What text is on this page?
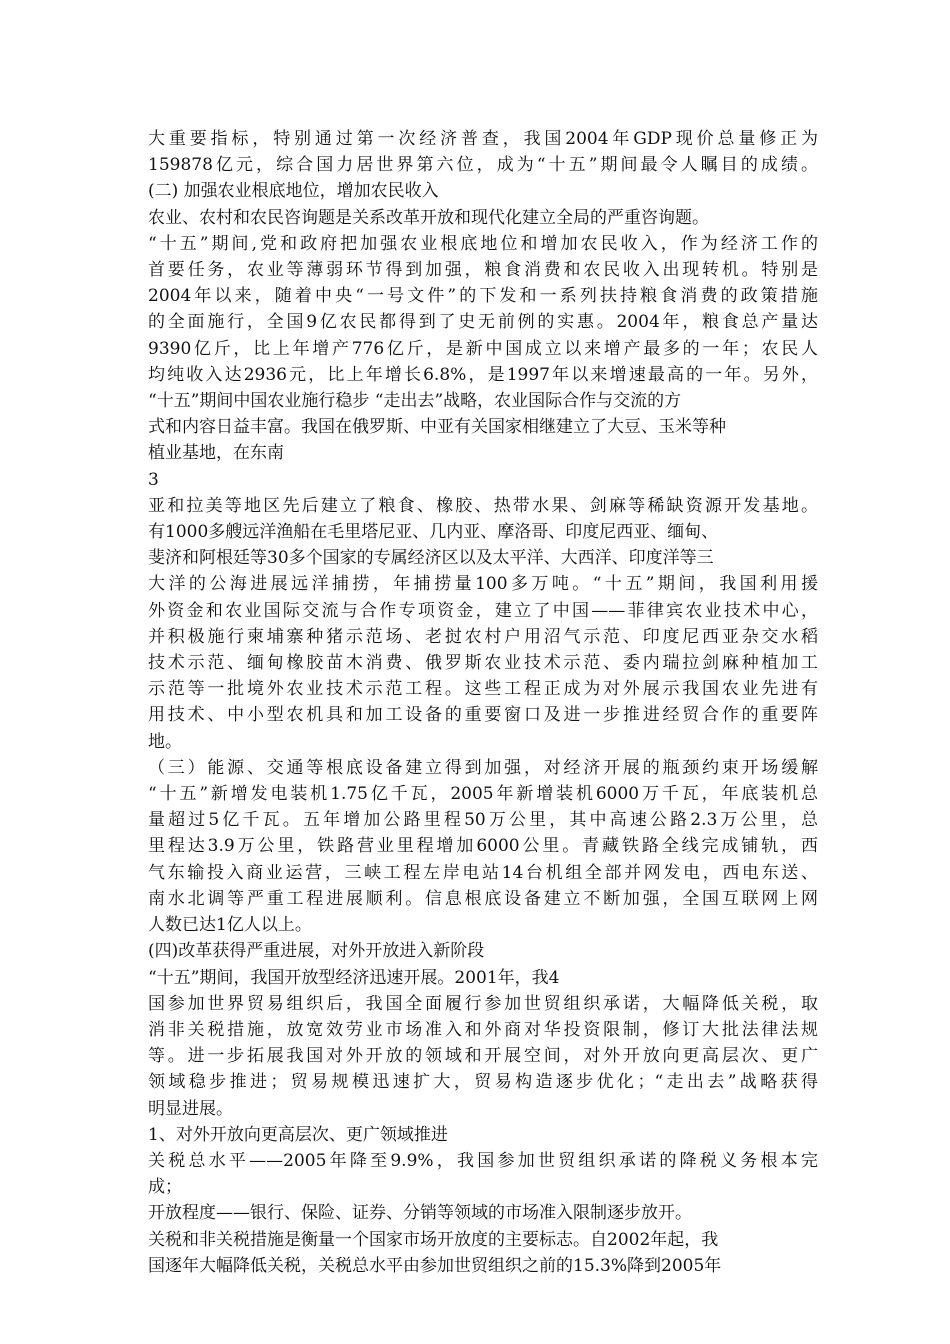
大重要指标，特别通过第一次经济普查，我国2004年GDP现价总量修正为

159878亿元，综合国力居世界第六位，成为“十五”期间最令人瞩目的成绩。

(二) 加强农业根底地位，增加农民收入

农业、农村和农民咨询题是关系改革开放和现代化建立全局的严重咨询题。

“十五”期间,党和政府把加强农业根底地位和增加农民收入，作为经济工作的

首要任务，农业等薄弱环节得到加强，粮食消费和农民收入出现转机。特别是

2004年以来，随着中央“一号文件”的下发和一系列扶持粮食消费的政策措施

的全面施行，全国9亿农民都得到了史无前例的实惠。2004年，粮食总产量达

9390亿斤，比上年增产776亿斤，是新中国成立以来增产最多的一年；农民人

均纯收入达2936元，比上年增长6.8%，是1997年以来增速最高的一年。另外，

“十五”期间中国农业施行稳步 “走出去”战略，农业国际合作与交流的方

式和内容日益丰富。我国在俄罗斯、中亚有关国家相继建立了大豆、玉米等种

植业基地，在东南

3

亚和拉美等地区先后建立了粮食、橡胶、热带水果、剑麻等稀缺资源开发基地。

有1000多艘远洋渔船在毛里塔尼亚、几内亚、摩洛哥、印度尼西亚、缅甸、

斐济和阿根廷等30多个国家的专属经济区以及太平洋、大西洋、印度洋等三

大洋的公海进展远洋捕捞，年捕捞量100多万吨。“十五”期间，我国利用援

外资金和农业国际交流与合作专项资金，建立了中国——菲律宾农业技术中心，

并积极施行柬埔寨种猪示范场、老挝农村户用沼气示范、印度尼西亚杂交水稻

技术示范、缅甸橡胶苗木消费、俄罗斯农业技术示范、委内瑞拉剑麻种植加工

示范等一批境外农业技术示范工程。这些工程正成为对外展示我国农业先进有

用技术、中小型农机具和加工设备的重要窗口及进一步推进经贸合作的重要阵

地。

（三）能源、交通等根底设备建立得到加强，对经济开展的瓶颈约束开场缓解

“十五”新增发电装机1.75亿千瓦，2005年新增装机6000万千瓦，年底装机总

量超过5亿千瓦。五年增加公路里程50万公里，其中高速公路2.3万公里，总

里程达3.9万公里，铁路营业里程增加6000公里。青藏铁路全线完成铺轨，西

气东输投入商业运营，三峡工程左岸电站14台机组全部并网发电，西电东送、

南水北调等严重工程进展顺利。信息根底设备建立不断加强，全国互联网上网

人数已达1亿人以上。

(四)改革获得严重进展，对外开放进入新阶段

“十五”期间，我国开放型经济迅速开展。2001年，我4

国参加世界贸易组织后，我国全面履行参加世贸组织承诺，大幅降低关税，取

消非关税措施，放宽效劳业市场准入和外商对华投资限制，修订大批法律法规

等。进一步拓展我国对外开放的领域和开展空间，对外开放向更高层次、更广

领域稳步推进；贸易规模迅速扩大，贸易构造逐步优化；“走出去”战略获得

明显进展。

1、对外开放向更高层次、更广领域推进

关税总水平——2005年降至9.9%，我国参加世贸组织承诺的降税义务根本完

成；

开放程度——银行、保险、证券、分销等领域的市场准入限制逐步放开。

关税和非关税措施是衡量一个国家市场开放度的主要标志。自2002年起，我

国逐年大幅降低关税，关税总水平由参加世贸组织之前的15.3%降到2005年
